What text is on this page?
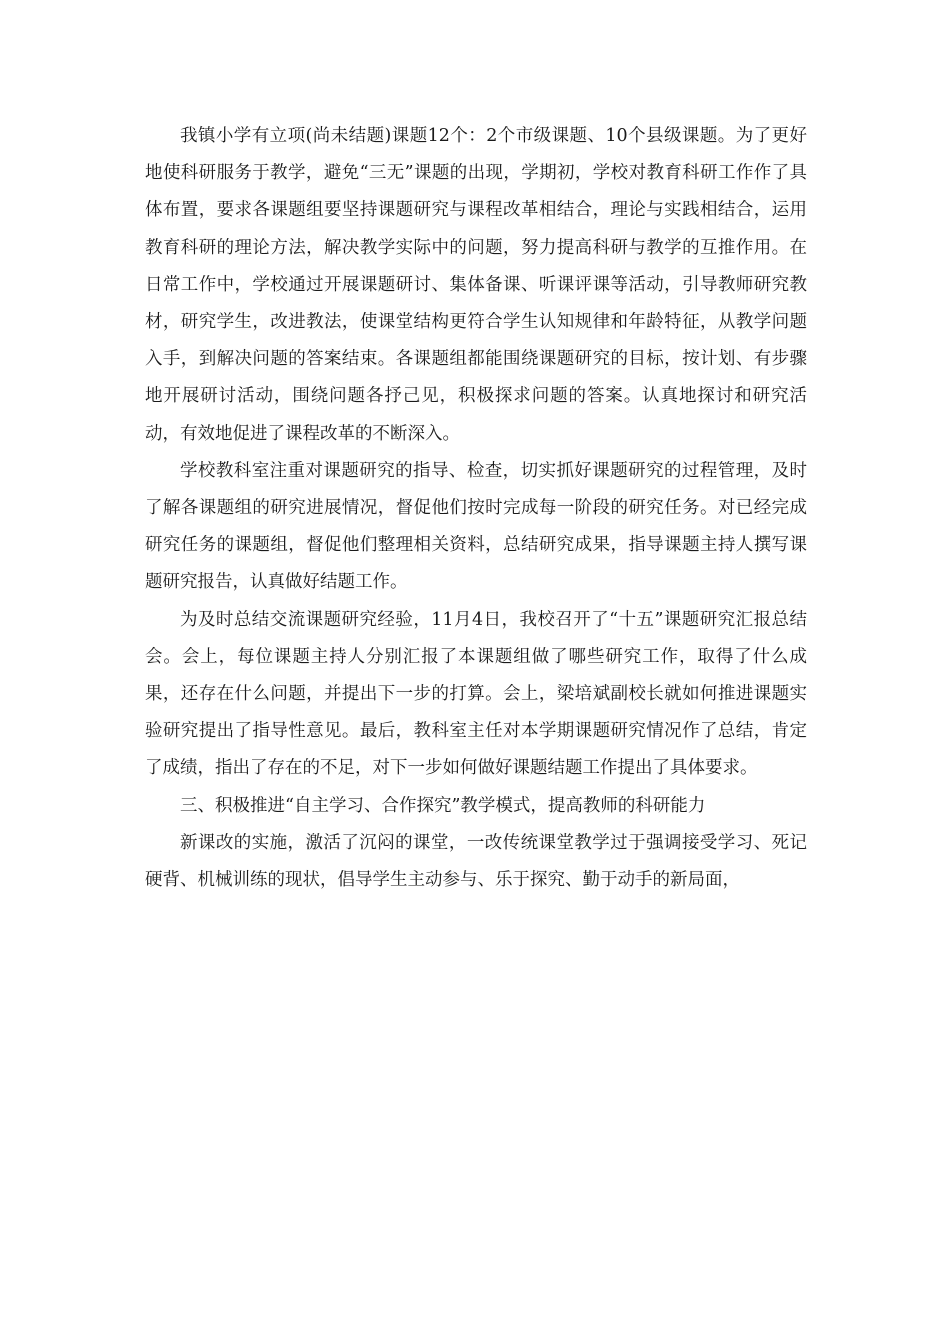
我镇小学有立项(尚未结题)课题12个：2个市级课题、10个县级课题。为了更好地使科研服务于教学，避免“三无”课题的出现，学期初，学校对教育科研工作作了具体布置，要求各课题组要坚持课题研究与课程改革相结合，理论与实践相结合，运用教育科研的理论方法，解决教学实际中的问题，努力提高科研与教学的互推作用。在日常工作中，学校通过开展课题研讨、集体备课、听课评课等活动，引导教师研究教材，研究学生，改进教法，使课堂结构更符合学生认知规律和年龄特征，从教学问题入手，到解决问题的答案结束。各课题组都能围绕课题研究的目标，按计划、有步骤地开展研讨活动，围绕问题各抒己见，积极探求问题的答案。认真地探讨和研究活动，有效地促进了课程改革的不断深入。

学校教科室注重对课题研究的指导、检查，切实抓好课题研究的过程管理，及时了解各课题组的研究进展情况，督促他们按时完成每一阶段的研究任务。对已经完成研究任务的课题组，督促他们整理相关资料，总结研究成果，指导课题主持人撰写课题研究报告，认真做好结题工作。

为及时总结交流课题研究经验，11月4日，我校召开了“十五”课题研究汇报总结会。会上，每位课题主持人分别汇报了本课题组做了哪些研究工作，取得了什么成果，还存在什么问题，并提出下一步的打算。会上，梁培斌副校长就如何推进课题实验研究提出了指导性意见。最后，教科室主任对本学期课题研究情况作了总结，肯定了成绩，指出了存在的不足，对下一步如何做好课题结题工作提出了具体要求。

三、积极推进“自主学习、合作探究”教学模式，提高教师的科研能力

新课改的实施，激活了沉闷的课堂，一改传统课堂教学过于强调接受学习、死记硬背、机械训练的现状，倡导学生主动参与、乐于探究、勤于动手的新局面，
